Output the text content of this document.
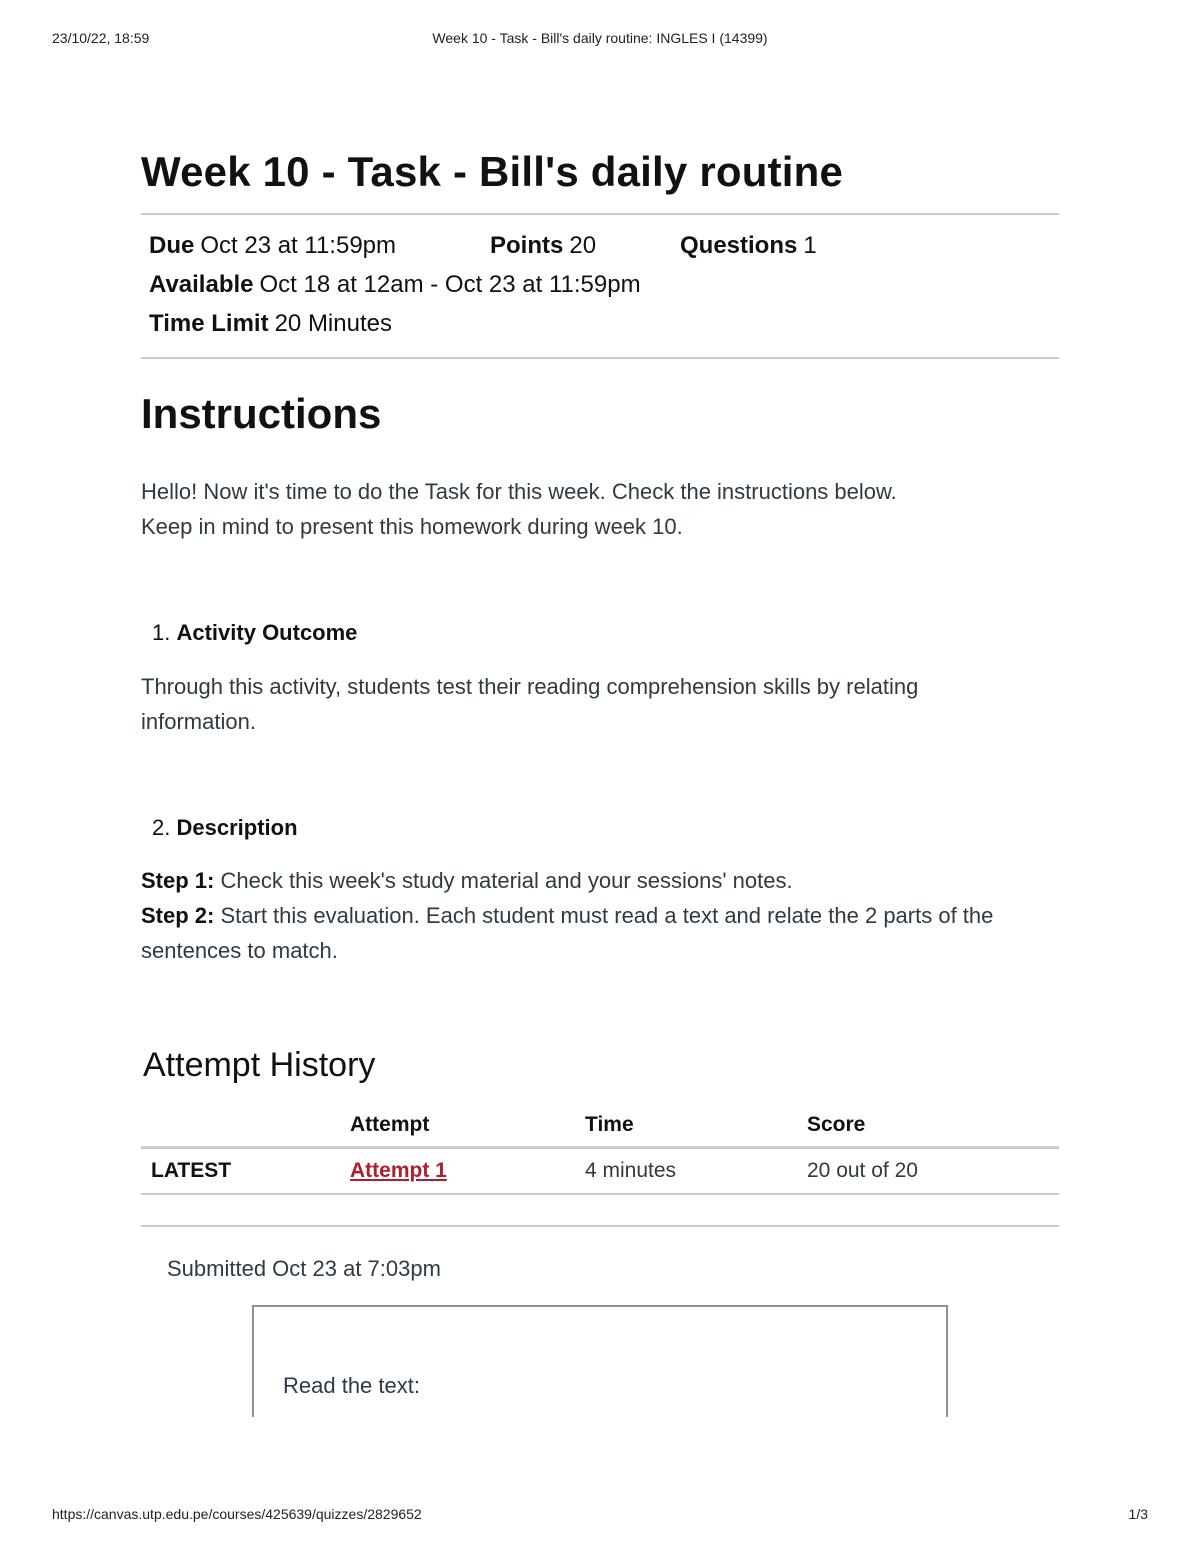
23/10/22, 18:59	Week 10 - Task - Bill's daily routine: INGLES I (14399)
Week 10 - Task - Bill's daily routine
Due Oct 23 at 11:59pm	Points 20	Questions 1
Available Oct 18 at 12am - Oct 23 at 11:59pm
Time Limit 20 Minutes
Instructions
Hello! Now it's time to do the Task for this week. Check the instructions below.
Keep in mind to present this homework during week 10.
1. Activity Outcome
Through this activity, students test their reading comprehension skills by relating information.
2. Description
Step 1: Check this week's study material and your sessions' notes.
Step 2: Start this evaluation. Each student must read a text and relate the 2 parts of the sentences to match.
Attempt History
	Attempt	Time	Score
LATEST	Attempt 1	4 minutes	20 out of 20
Submitted Oct 23 at 7:03pm
Read the text:
https://canvas.utp.edu.pe/courses/425639/quizzes/2829652	1/3
